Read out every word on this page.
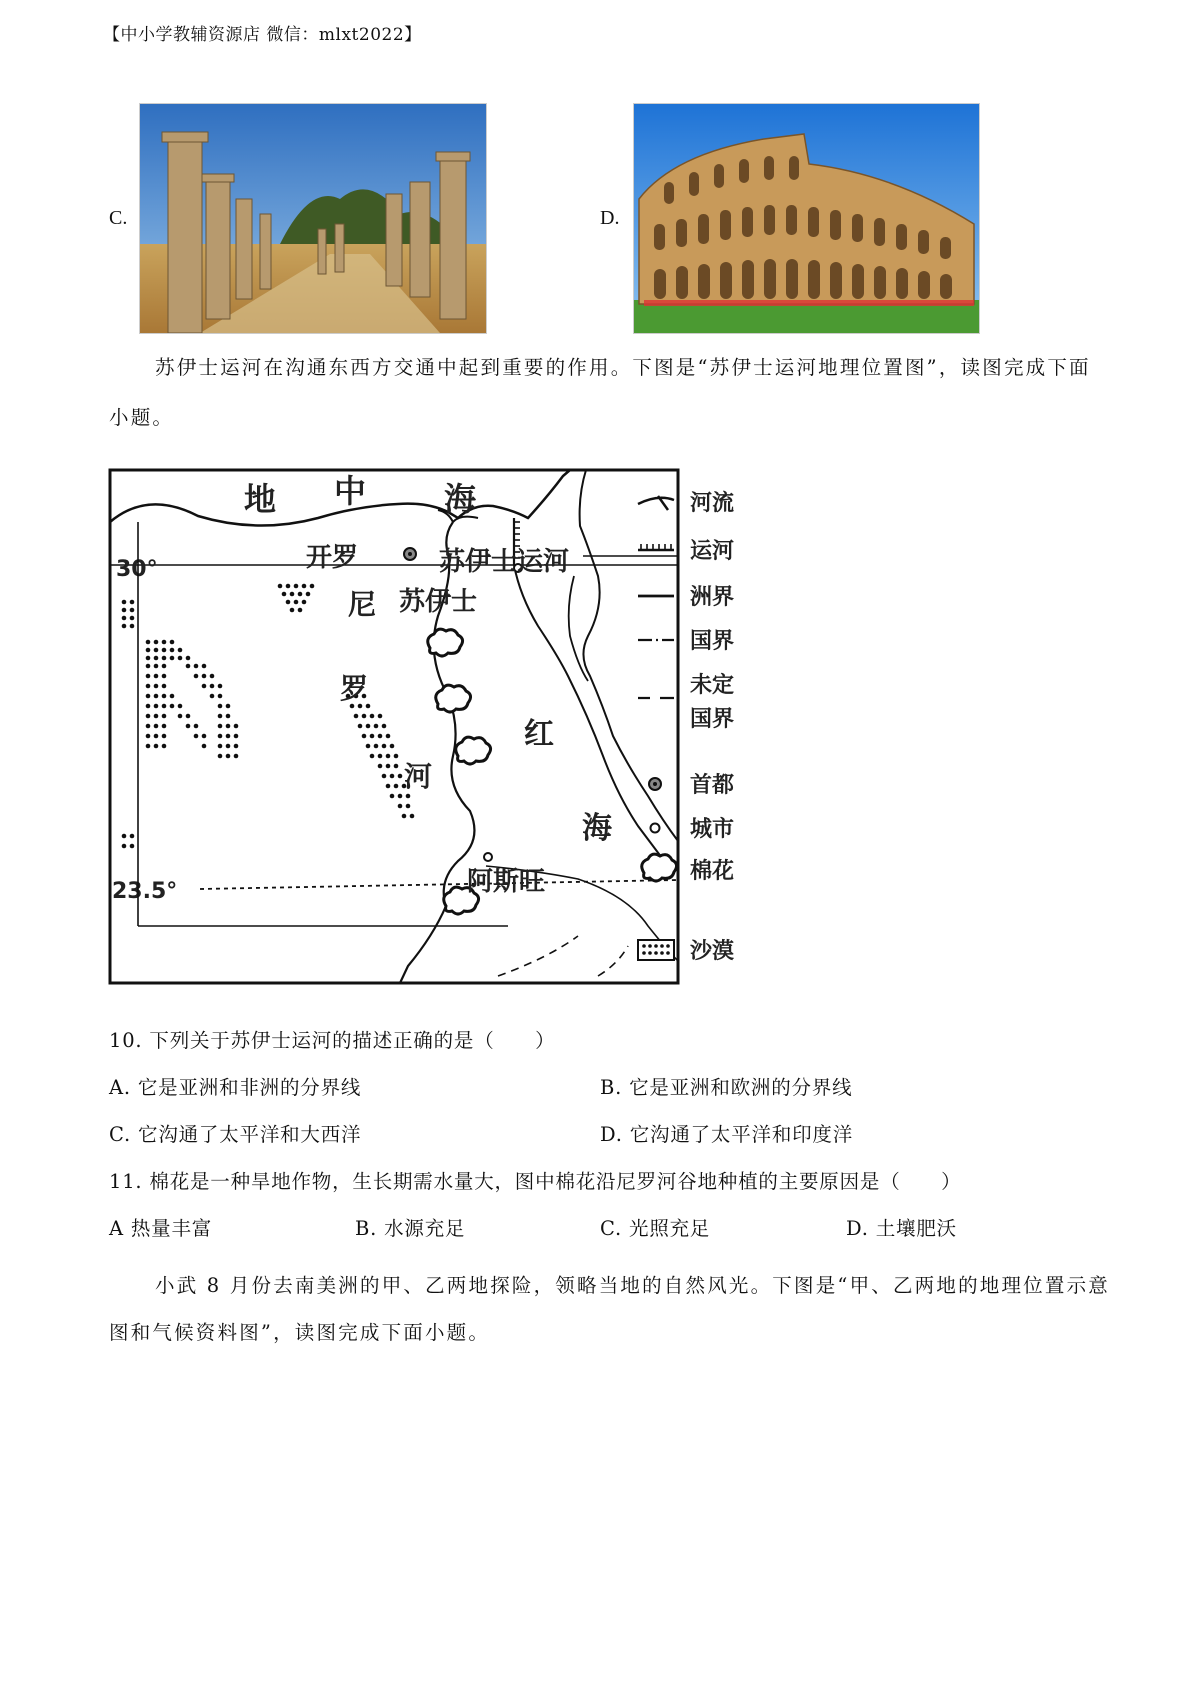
【中小学教辅资源店 微信：mlxt2022】
C.	D.
苏伊士运河在沟通东西方交通中起到重要的作用。下图是“苏伊士运河地理位置图”，读图完成下面
小题。
30°
23.5°
地 中 海
开罗	苏伊士运河
苏伊士
尼
罗
河
红
海
阿斯旺
河流
运河
洲界
国界
未定
国界
首都
城市
棉花
沙漠
10. 下列关于苏伊士运河的描述正确的是（　　）
A. 它是亚洲和非洲的分界线	B. 它是亚洲和欧洲的分界线
C. 它沟通了太平洋和大西洋	D. 它沟通了太平洋和印度洋
11. 棉花是一种旱地作物，生长期需水量大，图中棉花沿尼罗河谷地种植的主要原因是（　　）
A 热量丰富	B. 水源充足	C. 光照充足	D. 土壤肥沃
小武 8 月份去南美洲的甲、乙两地探险，领略当地的自然风光。下图是“甲、乙两地的地理位置示意
图和气候资料图”，读图完成下面小题。
